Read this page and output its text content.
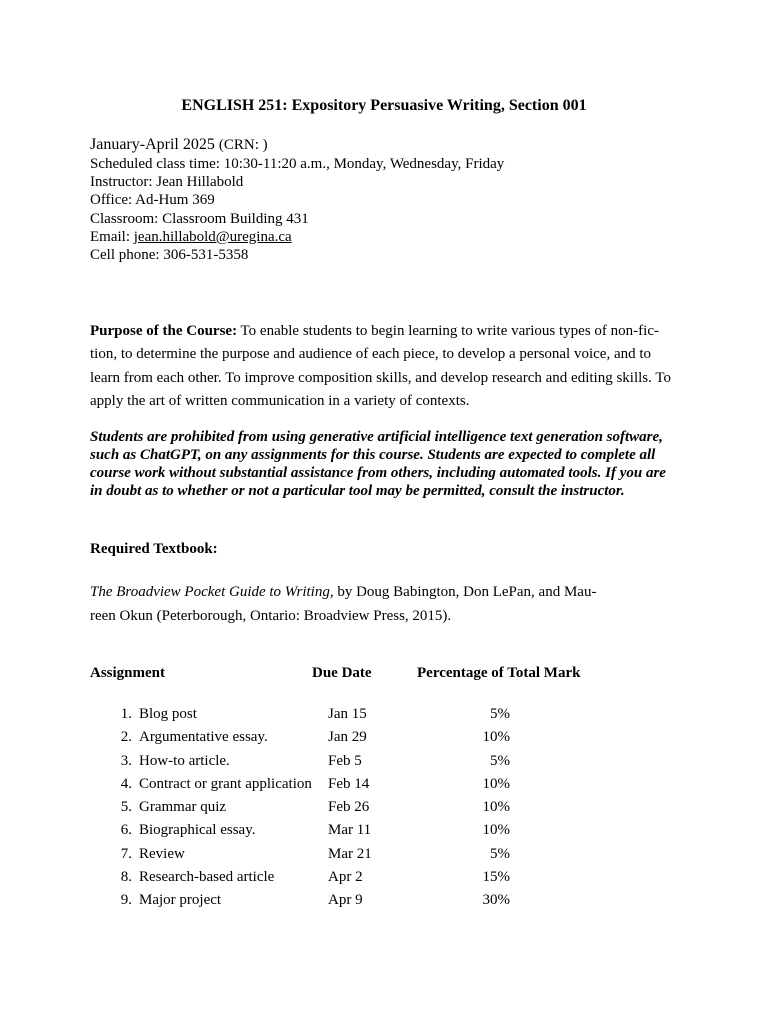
ENGLISH 251: Expository Persuasive Writing, Section 001
January-April 2025 (CRN: )
Scheduled class time: 10:30-11:20 a.m., Monday, Wednesday, Friday
Instructor: Jean Hillabold
Office: Ad-Hum 369
Classroom: Classroom Building 431
Email: jean.hillabold@uregina.ca
Cell phone: 306-531-5358
Purpose of the Course: To enable students to begin learning to write various types of non-fic-
tion, to determine the purpose and audience of each piece, to develop a personal voice, and to
learn from each other. To improve composition skills, and develop research and editing skills. To
apply the art of written communication in a variety of contexts.
Students are prohibited from using generative artificial intelligence text generation software,
such as ChatGPT, on any assignments for this course. Students are expected to complete all
course work without substantial assistance from others, including automated tools. If you are
in doubt as to whether or not a particular tool may be permitted, consult the instructor.
Required Textbook:
The Broadview Pocket Guide to Writing, by Doug Babington, Don LePan, and Mau-
reen Okun (Peterborough, Ontario: Broadview Press, 2015).
Assignment	Due Date	Percentage of Total Mark
1. Blog post	Jan 15	5%
2. Argumentative essay.	Jan 29	10%
3. How-to article.	Feb 5	5%
4. Contract or grant application Feb 14	10%
5. Grammar quiz	Feb 26	10%
6. Biographical essay.	Mar 11	10%
7. Review	Mar 21	5%
8. Research-based article	Apr 2	15%
9. Major project	Apr 9	30%
